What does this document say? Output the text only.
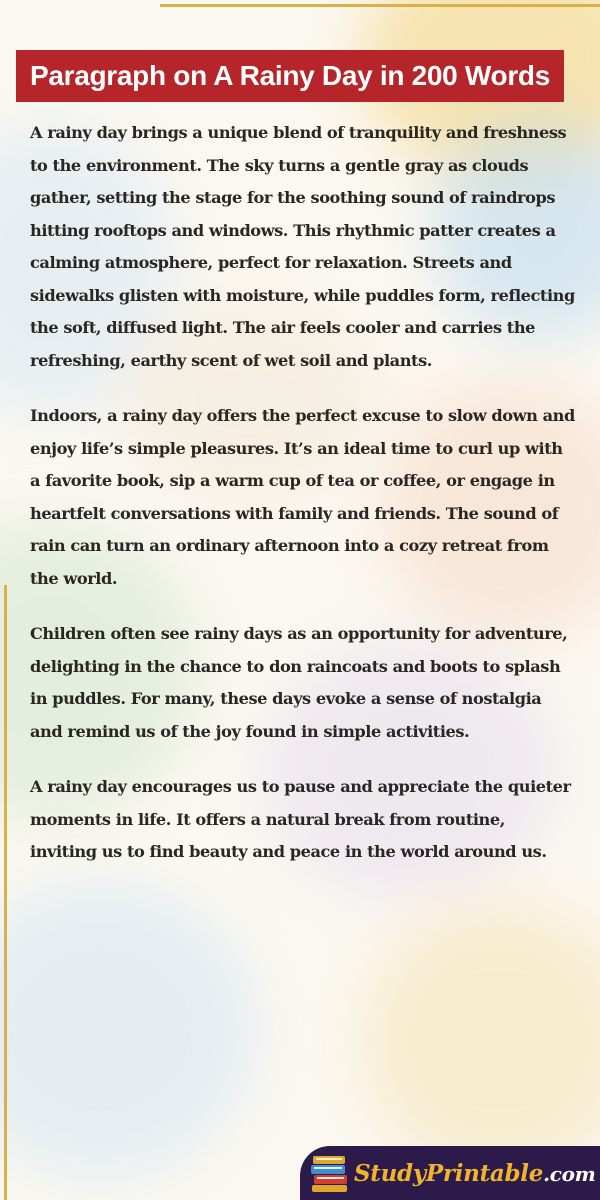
Paragraph on A Rainy Day in 200 Words

A rainy day brings a unique blend of tranquility and freshness to the environment. The sky turns a gentle gray as clouds gather, setting the stage for the soothing sound of raindrops hitting rooftops and windows. This rhythmic patter creates a calming atmosphere, perfect for relaxation. Streets and sidewalks glisten with moisture, while puddles form, reflecting the soft, diffused light. The air feels cooler and carries the refreshing, earthy scent of wet soil and plants.

Indoors, a rainy day offers the perfect excuse to slow down and enjoy life’s simple pleasures. It’s an ideal time to curl up with a favorite book, sip a warm cup of tea or coffee, or engage in heartfelt conversations with family and friends. The sound of rain can turn an ordinary afternoon into a cozy retreat from the world.

Children often see rainy days as an opportunity for adventure, delighting in the chance to don raincoats and boots to splash in puddles. For many, these days evoke a sense of nostalgia and remind us of the joy found in simple activities.

A rainy day encourages us to pause and appreciate the quieter moments in life. It offers a natural break from routine, inviting us to find beauty and peace in the world around us.

StudyPrintable.com
